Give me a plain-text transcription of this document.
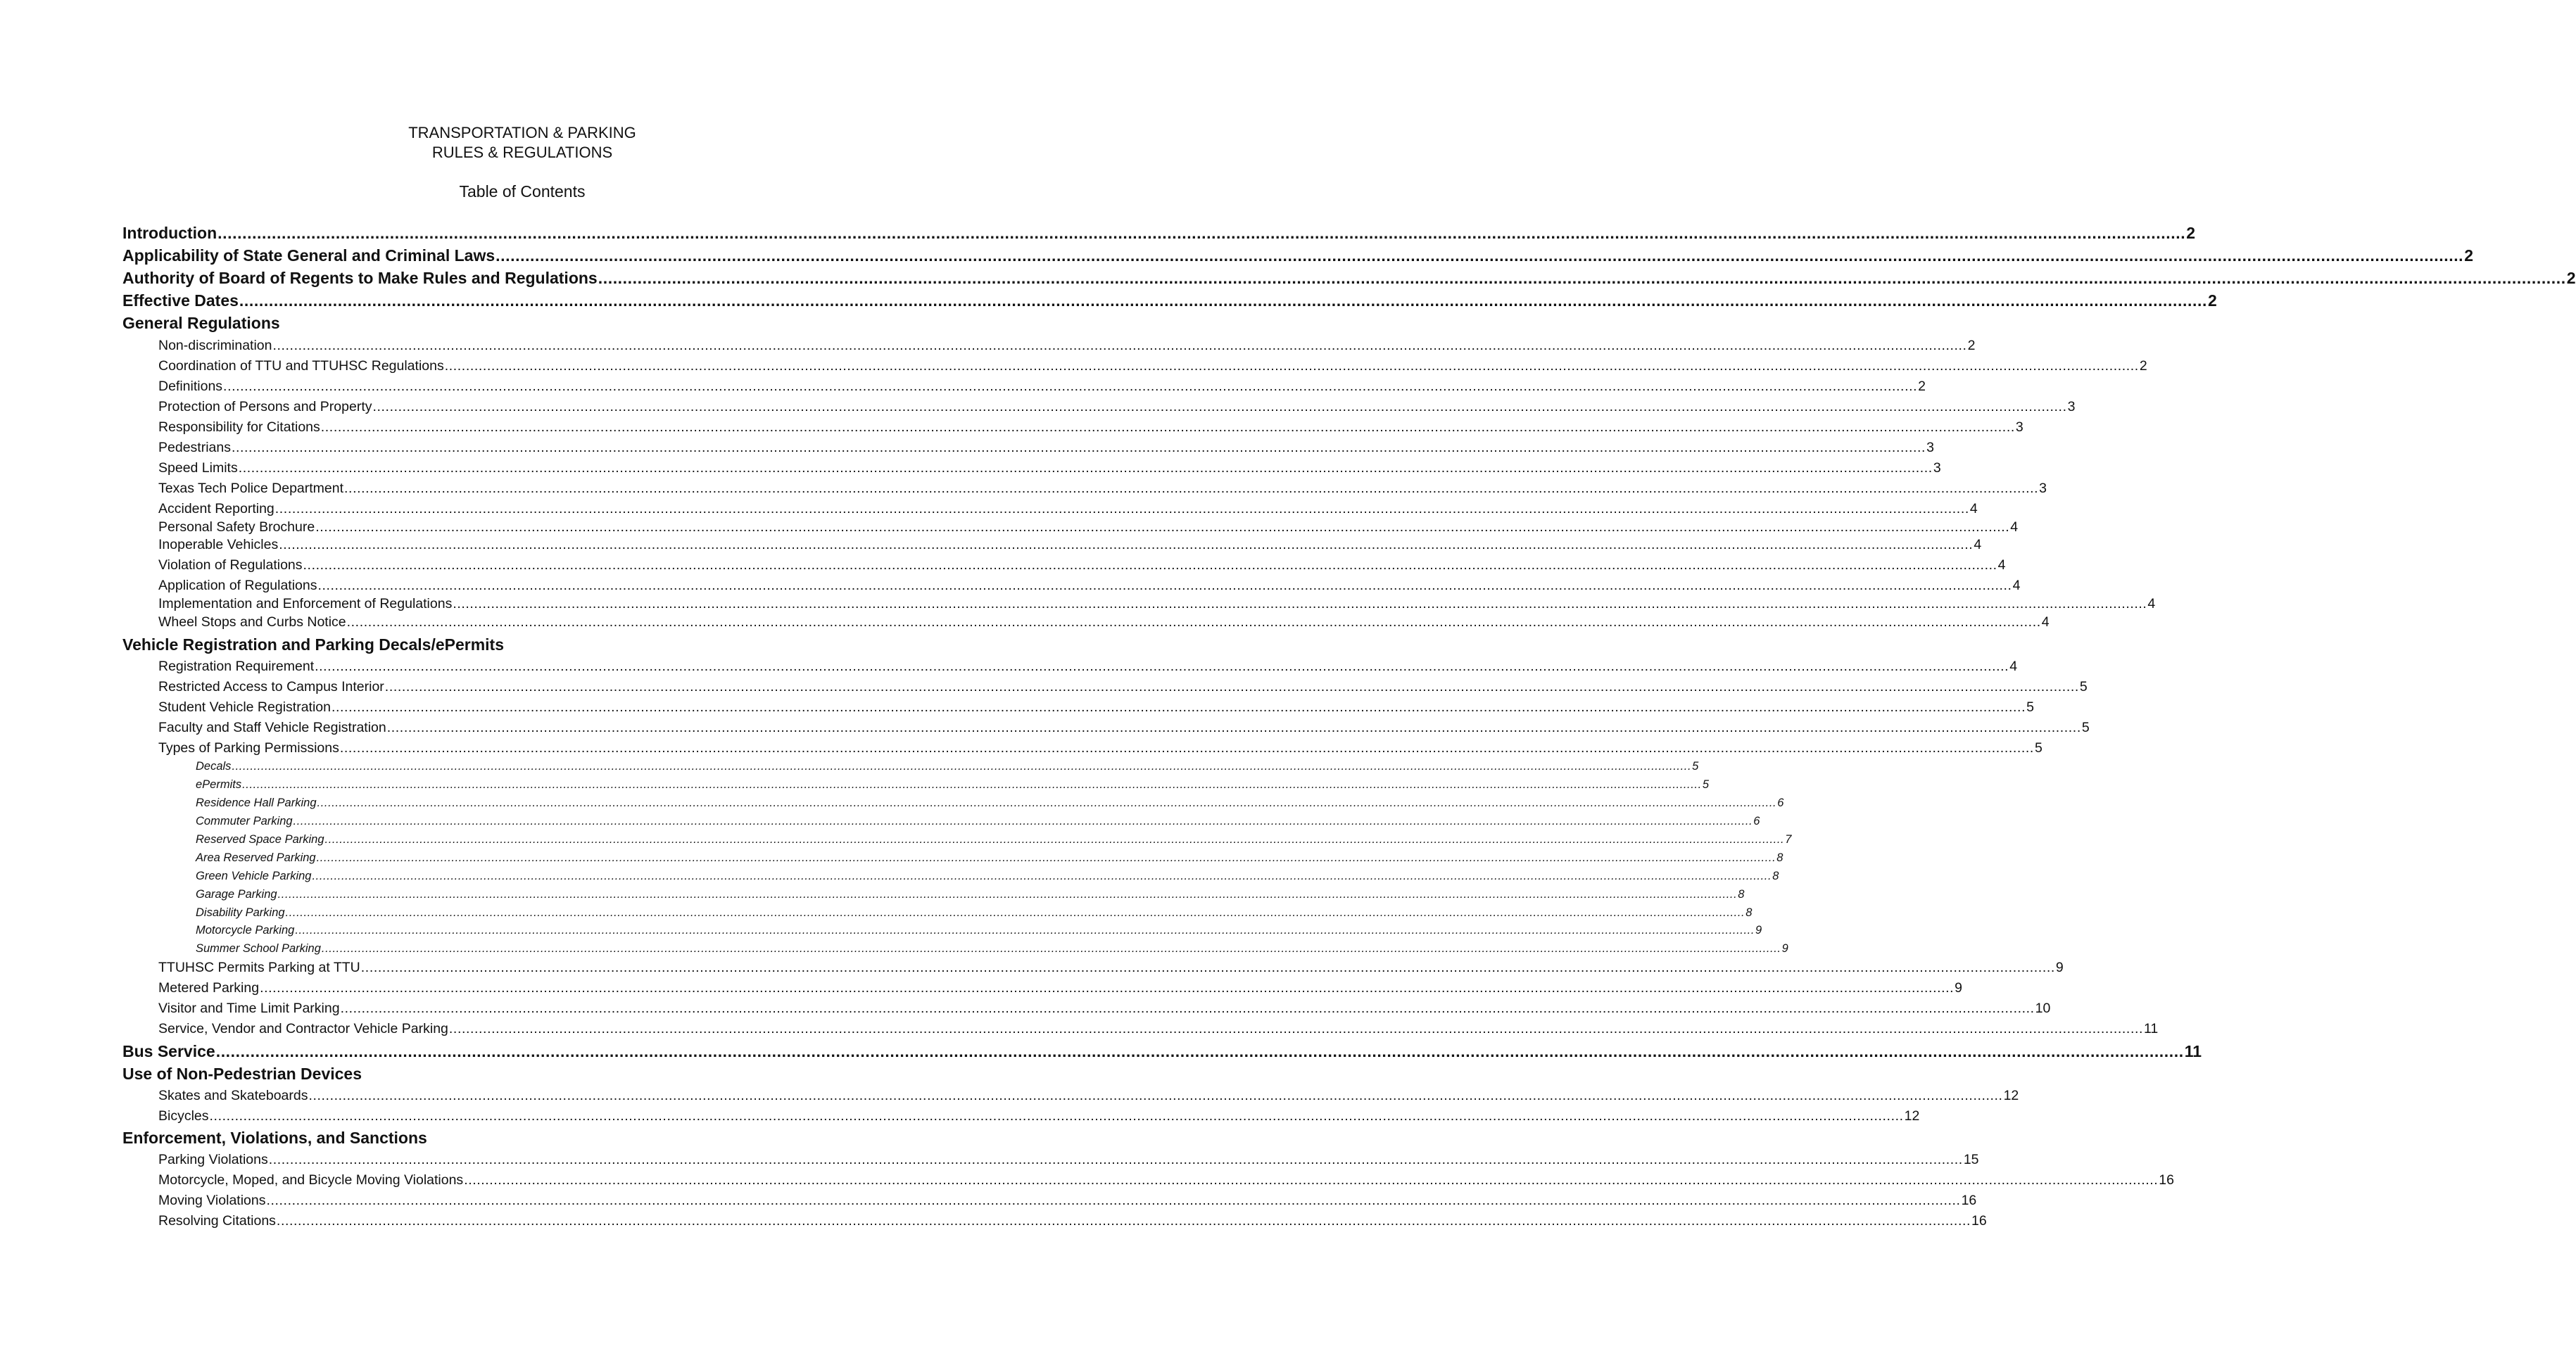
TRANSPORTATION & PARKING
RULES & REGULATIONS
Table of Contents
Introduction ................................................................................................................................................................................................................................................................................................................................................................................................................ 2
Applicability of State General and Criminal Laws ................................................................................................................................................................................................................................................................................................................................................................................................................ 2
Authority of Board of Regents to Make Rules and Regulations ................................................................................................................................................................................................................................................................................................................................................................................................................ 2
Effective Dates ................................................................................................................................................................................................................................................................................................................................................................................................................ 2
General Regulations
Non-discrimination ................................................................................................................................................................................................................................................................................................................................................................................................................ 2
Coordination of TTU and TTUHSC Regulations ................................................................................................................................................................................................................................................................................................................................................................................................................ 2
Definitions ................................................................................................................................................................................................................................................................................................................................................................................................................ 2
Protection of Persons and Property ................................................................................................................................................................................................................................................................................................................................................................................................................ 3
Responsibility for Citations ................................................................................................................................................................................................................................................................................................................................................................................................................ 3
Pedestrians ................................................................................................................................................................................................................................................................................................................................................................................................................ 3
Speed Limits ................................................................................................................................................................................................................................................................................................................................................................................................................ 3
Texas Tech Police Department ................................................................................................................................................................................................................................................................................................................................................................................................................ 3
Accident Reporting ................................................................................................................................................................................................................................................................................................................................................................................................................ 4
Personal Safety Brochure ................................................................................................................................................................................................................................................................................................................................................................................................................ 4
Inoperable Vehicles ................................................................................................................................................................................................................................................................................................................................................................................................................ 4
Violation of Regulations ................................................................................................................................................................................................................................................................................................................................................................................................................ 4
Application of Regulations ................................................................................................................................................................................................................................................................................................................................................................................................................ 4
Implementation and Enforcement of Regulations ................................................................................................................................................................................................................................................................................................................................................................................................................ 4
Wheel Stops and Curbs Notice ................................................................................................................................................................................................................................................................................................................................................................................................................ 4
Vehicle Registration and Parking Decals/ePermits
Registration Requirement ................................................................................................................................................................................................................................................................................................................................................................................................................ 4
Restricted Access to Campus Interior ................................................................................................................................................................................................................................................................................................................................................................................................................ 5
Student Vehicle Registration ................................................................................................................................................................................................................................................................................................................................................................................................................ 5
Faculty and Staff Vehicle Registration ................................................................................................................................................................................................................................................................................................................................................................................................................ 5
Types of Parking Permissions ................................................................................................................................................................................................................................................................................................................................................................................................................ 5
Decals ................................................................................................................................................................................................................................................................................................................................................................................................................ 5
ePermits ................................................................................................................................................................................................................................................................................................................................................................................................................ 5
Residence Hall Parking ................................................................................................................................................................................................................................................................................................................................................................................................................ 6
Commuter Parking ................................................................................................................................................................................................................................................................................................................................................................................................................ 6
Reserved Space Parking ................................................................................................................................................................................................................................................................................................................................................................................................................ 7
Area Reserved Parking ................................................................................................................................................................................................................................................................................................................................................................................................................ 8
Green Vehicle Parking ................................................................................................................................................................................................................................................................................................................................................................................................................ 8
Garage Parking ................................................................................................................................................................................................................................................................................................................................................................................................................ 8
Disability Parking ................................................................................................................................................................................................................................................................................................................................................................................................................ 8
Motorcycle Parking ................................................................................................................................................................................................................................................................................................................................................................................................................ 9
Summer School Parking ................................................................................................................................................................................................................................................................................................................................................................................................................ 9
TTUHSC Permits Parking at TTU ................................................................................................................................................................................................................................................................................................................................................................................................................ 9
Metered Parking ................................................................................................................................................................................................................................................................................................................................................................................................................ 9
Visitor and Time Limit Parking ................................................................................................................................................................................................................................................................................................................................................................................................................ 10
Service, Vendor and Contractor Vehicle Parking ................................................................................................................................................................................................................................................................................................................................................................................................................ 11
Bus Service ................................................................................................................................................................................................................................................................................................................................................................................................................ 11
Use of Non-Pedestrian Devices
Skates and Skateboards ................................................................................................................................................................................................................................................................................................................................................................................................................ 12
Bicycles ................................................................................................................................................................................................................................................................................................................................................................................................................ 12
Enforcement, Violations, and Sanctions
Parking Violations ................................................................................................................................................................................................................................................................................................................................................................................................................ 15
Motorcycle, Moped, and Bicycle Moving Violations ................................................................................................................................................................................................................................................................................................................................................................................................................ 16
Moving Violations ................................................................................................................................................................................................................................................................................................................................................................................................................ 16
Resolving Citations ................................................................................................................................................................................................................................................................................................................................................................................................................ 16
